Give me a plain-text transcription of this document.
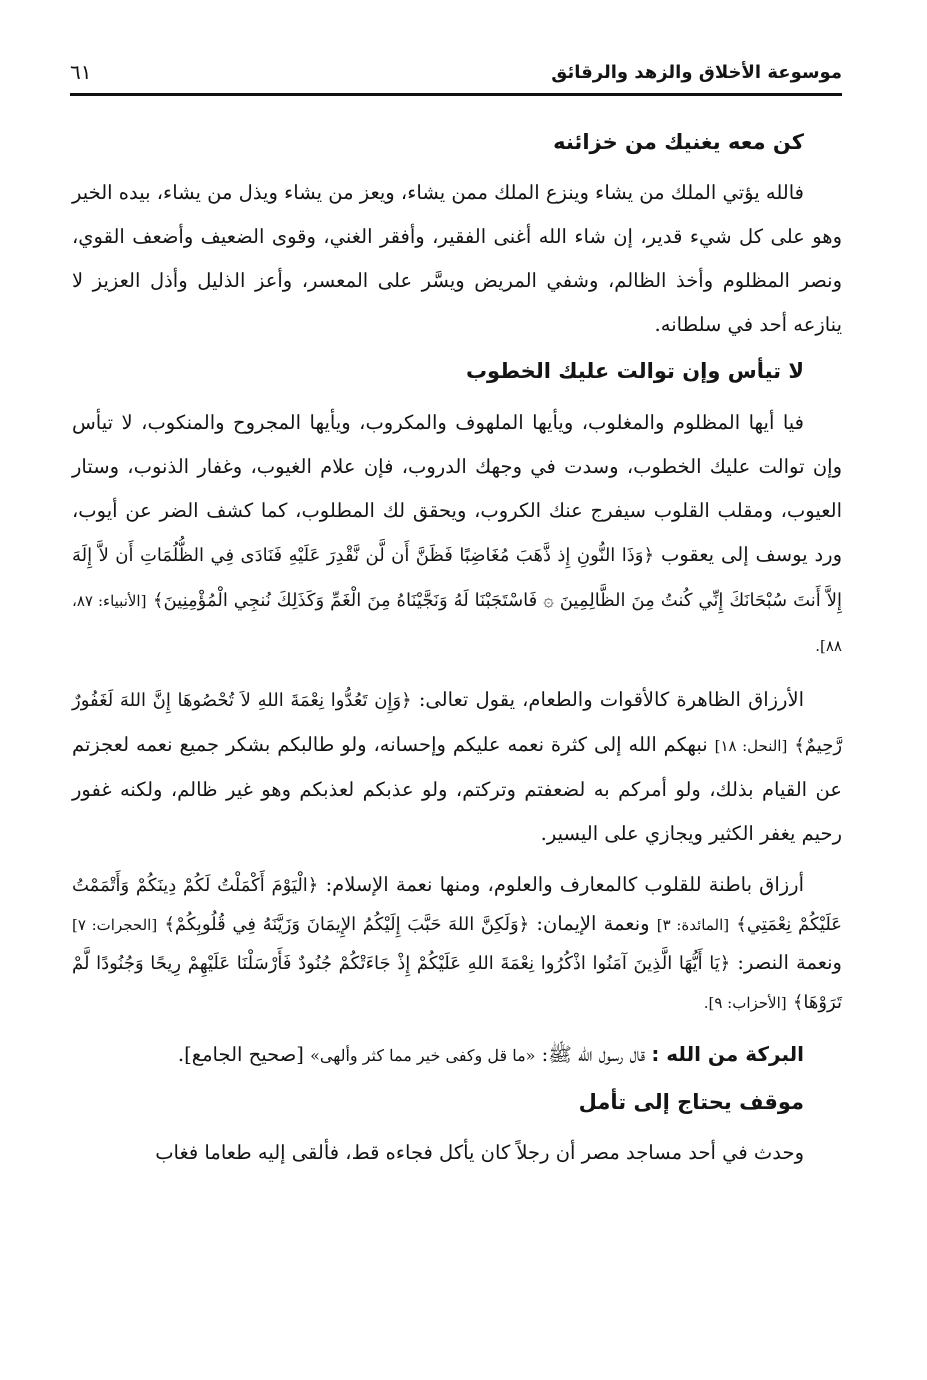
موسوعة الأخلاق والزهد والرقائق
٦١
كن معه يغنيك من خزائنه

فالله يؤتي الملك من يشاء وينزع الملك ممن يشاء، ويعز من يشاء ويذل من يشاء، بيده الخير وهو على كل شيء قدير، إن شاء الله أغنى الفقير، وأفقر الغني، وقوى الضعيف وأضعف القوي، ونصر المظلوم وأخذ الظالم، وشفي المريض ويسَّر على المعسر، وأعز الذليل وأذل العزيز لا ينازعه أحد في سلطانه.

لا تيأس وإن توالت عليك الخطوب

فيا أيها المظلوم والمغلوب، ويأيها الملهوف والمكروب، ويأيها المجروح والمنكوب، لا تيأس وإن توالت عليك الخطوب، وسدت في وجهك الدروب، فإن علام الغيوب، وغفار الذنوب، وستار العيوب، ومقلب القلوب سيفرج عنك الكروب، ويحقق لك المطلوب، كما كشف الضر عن أيوب، ورد يوسف إلى يعقوب ﴿وَذَا النُّونِ إِذ ذَّهَبَ مُغَاضِبًا فَظَنَّ أَن لَّن نَّقْدِرَ عَلَيْهِ فَنَادَى فِي الظُّلُمَاتِ أَن لاَّ إِلَهَ إِلاَّ أَنتَ سُبْحَانَكَ إِنِّي كُنتُ مِنَ الظَّالِمِينَ ۞ فَاسْتَجَبْنَا لَهُ وَنَجَّيْنَاهُ مِنَ الْغَمِّ وَكَذَلِكَ نُنجِي الْمُؤْمِنِينَ﴾ [الأنبياء: ٨٧، ٨٨].

الأرزاق الظاهرة كالأقوات والطعام، يقول تعالى: ﴿وَإِن تَعُدُّوا نِعْمَةَ اللهِ لاَ تُحْصُوهَا إِنَّ اللهَ لَغَفُورٌ رَّحِيمٌ﴾ [النحل: ١٨] نبهكم الله إلى كثرة نعمه عليكم وإحسانه، ولو طالبكم بشكر جميع نعمه لعجزتم عن القيام بذلك، ولو أمركم به لضعفتم وتركتم، ولو عذبكم لعذبكم وهو غير ظالم، ولكنه غفور رحيم يغفر الكثير ويجازي على اليسير.

أرزاق باطنة للقلوب كالمعارف والعلوم، ومنها نعمة الإسلام: ﴿الْيَوْمَ أَكْمَلْتُ لَكُمْ دِينَكُمْ وَأَتْمَمْتُ عَلَيْكُمْ نِعْمَتِي﴾ [المائدة: ٣] ونعمة الإيمان: ﴿وَلَكِنَّ اللهَ حَبَّبَ إِلَيْكُمُ الإِيمَانَ وَزَيَّنَهُ فِي قُلُوبِكُمْ﴾ [الحجرات: ٧] ونعمة النصر: ﴿يَا أَيُّهَا الَّذِينَ آمَنُوا اذْكُرُوا نِعْمَةَ اللهِ عَلَيْكُمْ إِذْ جَاءَتْكُمْ جُنُودٌ فَأَرْسَلْنَا عَلَيْهِمْ رِيحًا وَجُنُودًا لَّمْ تَرَوْهَا﴾ [الأحزاب: ٩].

البركة من الله : قال رسول الله ﷺ: «ما قل وكفى خير مما كثر وألهى» [صحيح الجامع].

موقف يحتاج إلى تأمل

وحدث في أحد مساجد مصر أن رجلاً كان يأكل فجاءه قط، فألقى إليه طعاما فغاب
